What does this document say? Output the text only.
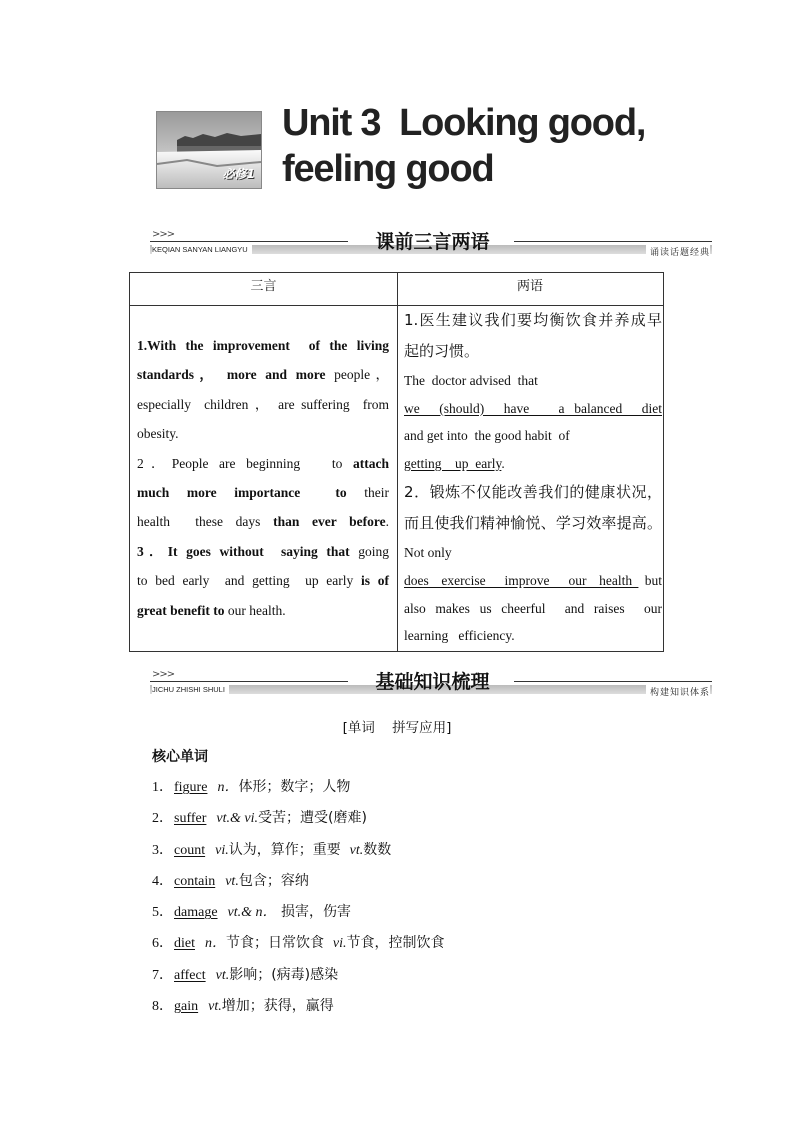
必修1
Unit 3  Looking good,
feeling good
>>>	课前三言两语
KEQIAN SANYAN LIANGYU	诵读话题经典
三言	两语
1.With the improvement  of the living
standards， more and more people，
especially  children ， are suffering  from
obesity.
2．People are beginning   to attach
much more importance  to their
health  these days than ever before.
3．It goes without  saying that going
to bed early  and getting  up early is of
great benefit to our health.
1.医生建议我们要均衡饮食并养成早
起的习惯。
The  doctor advised  that
we  (should)  have   a balanced  diet
and get into  the good habit  of
getting    up  early.
2．锻炼不仅能改善我们的健康状况，
而且使我们精神愉悦、学习效率提高。
Not only
does  exercise   improve   our  health  but
also makes us cheerful  and raises  our
learning   efficiency.
>>>	基础知识梳理
JICHU ZHISHI SHULI	构建知识体系
[单词    拼写应用]
核心单词
1．figure n．体形；数字；人物
2．suffer vt.& vi.受苦；遭受(磨难)
3．count vi.认为，算作；重要  vt.数数
4．contain vt.包含；容纳
5．damage vt.& n． 损害，伤害
6．diet n．节食；日常饮食  vi.节食，控制饮食
7．affect vt.影响；(病毒)感染
8．gain vt.增加；获得，赢得
